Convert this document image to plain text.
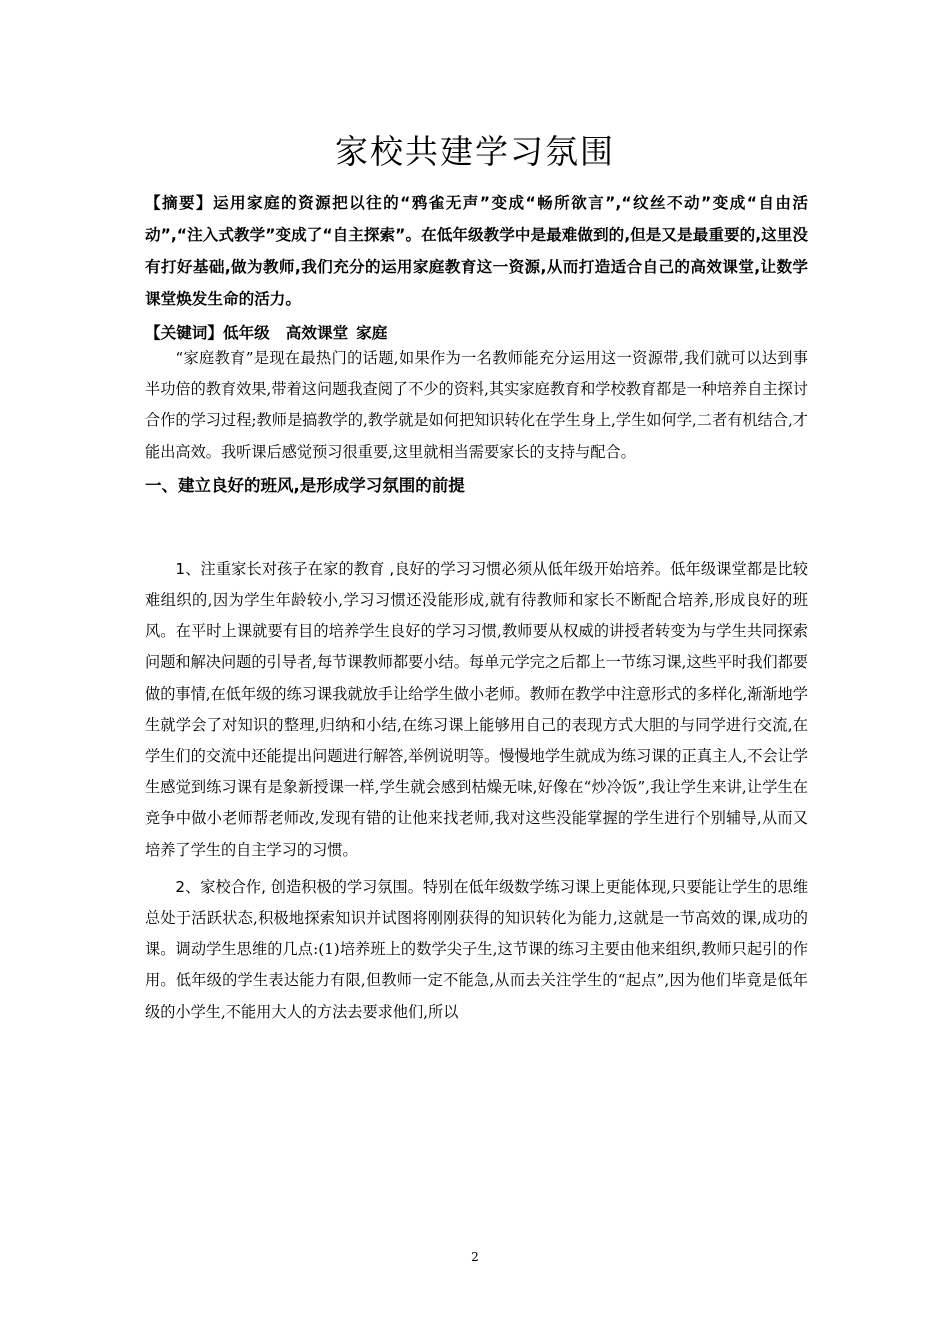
家校共建学习氛围

【摘要】运用家庭的资源把以往的“鸦雀无声”变成“畅所欲言”,“纹丝不动”变成“自由活动”,“注入式教学”变成了“自主探索”。在低年级教学中是最难做到的,但是又是最重要的,这里没有打好基础,做为教师,我们充分的运用家庭教育这一资源,从而打造适合自己的高效课堂,让数学课堂焕发生命的活力。

【关键词】低年级 高效课堂 家庭

“家庭教育”是现在最热门的话题,如果作为一名教师能充分运用这一资源带,我们就可以达到事半功倍的教育效果,带着这问题我查阅了不少的资料,其实家庭教育和学校教育都是一种培养自主探讨合作的学习过程;教师是搞教学的,教学就是如何把知识转化在学生身上,学生如何学,二者有机结合,才能出高效。我听课后感觉预习很重要,这里就相当需要家长的支持与配合。

一、建立良好的班风,是形成学习氛围的前提

1、注重家长对孩子在家的教育 ,良好的学习习惯必须从低年级开始培养。低年级课堂都是比较难组织的,因为学生年龄较小,学习习惯还没能形成,就有待教师和家长不断配合培养,形成良好的班风。在平时上课就要有目的培养学生良好的学习习惯,教师要从权威的讲授者转变为与学生共同探索问题和解决问题的引导者,每节课教师都要小结。每单元学完之后都上一节练习课,这些平时我们都要做的事情,在低年级的练习课我就放手让给学生做小老师。教师在教学中注意形式的多样化,渐渐地学生就学会了对知识的整理,归纳和小结,在练习课上能够用自己的表现方式大胆的与同学进行交流,在学生们的交流中还能提出问题进行解答,举例说明等。慢慢地学生就成为练习课的正真主人,不会让学生感觉到练习课有是象新授课一样,学生就会感到枯燥无味,好像在“炒冷饭”,我让学生来讲,让学生在竞争中做小老师帮老师改,发现有错的让他来找老师,我对这些没能掌握的学生进行个别辅导,从而又培养了学生的自主学习的习惯。

2、家校合作, 创造积极的学习氛围。特别在低年级数学练习课上更能体现,只要能让学生的思维总处于活跃状态,积极地探索知识并试图将刚刚获得的知识转化为能力,这就是一节高效的课,成功的课。调动学生思维的几点:(1)培养班上的数学尖子生,这节课的练习主要由他来组织,教师只起引的作用。低年级的学生表达能力有限,但教师一定不能急,从而去关注学生的“起点”,因为他们毕竟是低年级的小学生,不能用大人的方法去要求他们,所以

2
